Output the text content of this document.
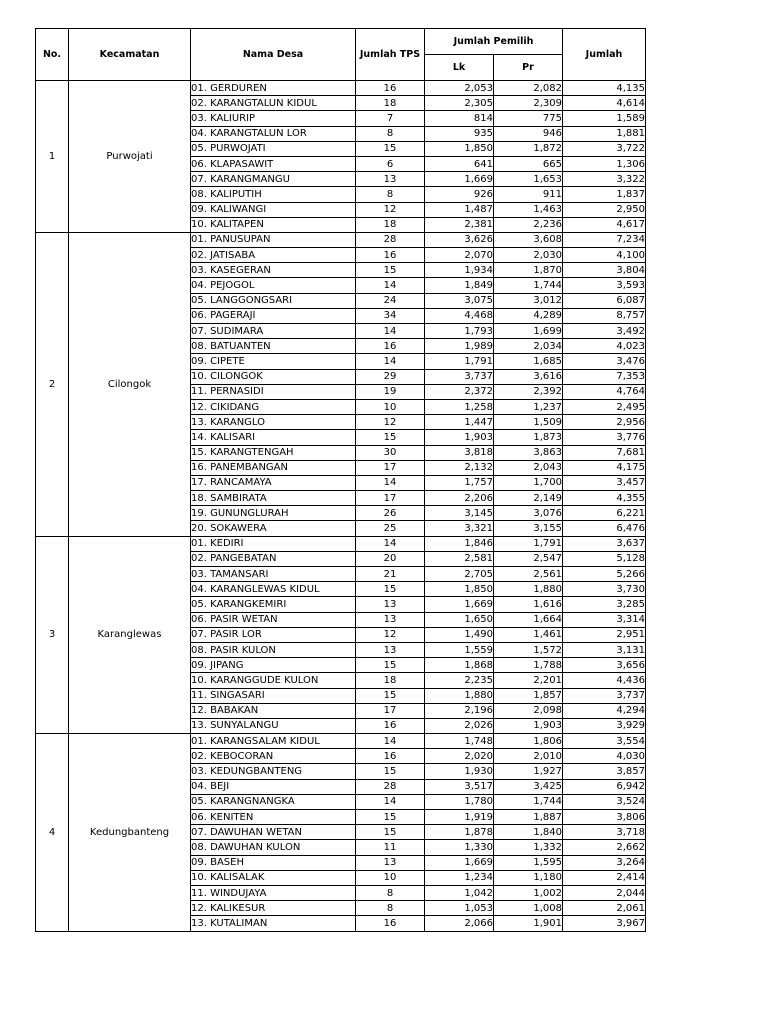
No.	Kecamatan	Nama Desa	Jumlah TPS	Jumlah Pemilih		Jumlah
				Lk	Pr	
1	Purwojati	01. GERDUREN	16	2,053	2,082	4,135
		02. KARANGTALUN KIDUL	18	2,305	2,309	4,614
		03. KALIURIP	7	814	775	1,589
		04. KARANGTALUN LOR	8	935	946	1,881
		05. PURWOJATI	15	1,850	1,872	3,722
		06. KLAPASAWIT	6	641	665	1,306
		07. KARANGMANGU	13	1,669	1,653	3,322
		08. KALIPUTIH	8	926	911	1,837
		09. KALIWANGI	12	1,487	1,463	2,950
		10. KALITAPEN	18	2,381	2,236	4,617
2	Cilongok	01. PANUSUPAN	28	3,626	3,608	7,234
		02. JATISABA	16	2,070	2,030	4,100
		03. KASEGERAN	15	1,934	1,870	3,804
		04. PEJOGOL	14	1,849	1,744	3,593
		05. LANGGONGSARI	24	3,075	3,012	6,087
		06. PAGERAJI	34	4,468	4,289	8,757
		07. SUDIMARA	14	1,793	1,699	3,492
		08. BATUANTEN	16	1,989	2,034	4,023
		09. CIPETE	14	1,791	1,685	3,476
		10. CILONGOK	29	3,737	3,616	7,353
		11. PERNASIDI	19	2,372	2,392	4,764
		12. CIKIDANG	10	1,258	1,237	2,495
		13. KARANGLO	12	1,447	1,509	2,956
		14. KALISARI	15	1,903	1,873	3,776
		15. KARANGTENGAH	30	3,818	3,863	7,681
		16. PANEMBANGAN	17	2,132	2,043	4,175
		17. RANCAMAYA	14	1,757	1,700	3,457
		18. SAMBIRATA	17	2,206	2,149	4,355
		19. GUNUNGLURAH	26	3,145	3,076	6,221
		20. SOKAWERA	25	3,321	3,155	6,476
3	Karanglewas	01. KEDIRI	14	1,846	1,791	3,637
		02. PANGEBATAN	20	2,581	2,547	5,128
		03. TAMANSARI	21	2,705	2,561	5,266
		04. KARANGLEWAS KIDUL	15	1,850	1,880	3,730
		05. KARANGKEMIRI	13	1,669	1,616	3,285
		06. PASIR WETAN	13	1,650	1,664	3,314
		07. PASIR LOR	12	1,490	1,461	2,951
		08. PASIR KULON	13	1,559	1,572	3,131
		09. JIPANG	15	1,868	1,788	3,656
		10. KARANGGUDE KULON	18	2,235	2,201	4,436
		11. SINGASARI	15	1,880	1,857	3,737
		12. BABAKAN	17	2,196	2,098	4,294
		13. SUNYALANGU	16	2,026	1,903	3,929
4	Kedungbanteng	01. KARANGSALAM KIDUL	14	1,748	1,806	3,554
		02. KEBOCORAN	16	2,020	2,010	4,030
		03. KEDUNGBANTENG	15	1,930	1,927	3,857
		04. BEJI	28	3,517	3,425	6,942
		05. KARANGNANGKA	14	1,780	1,744	3,524
		06. KENITEN	15	1,919	1,887	3,806
		07. DAWUHAN WETAN	15	1,878	1,840	3,718
		08. DAWUHAN KULON	11	1,330	1,332	2,662
		09. BASEH	13	1,669	1,595	3,264
		10. KALISALAK	10	1,234	1,180	2,414
		11. WINDUJAYA	8	1,042	1,002	2,044
		12. KALIKESUR	8	1,053	1,008	2,061
		13. KUTALIMAN	16	2,066	1,901	3,967
